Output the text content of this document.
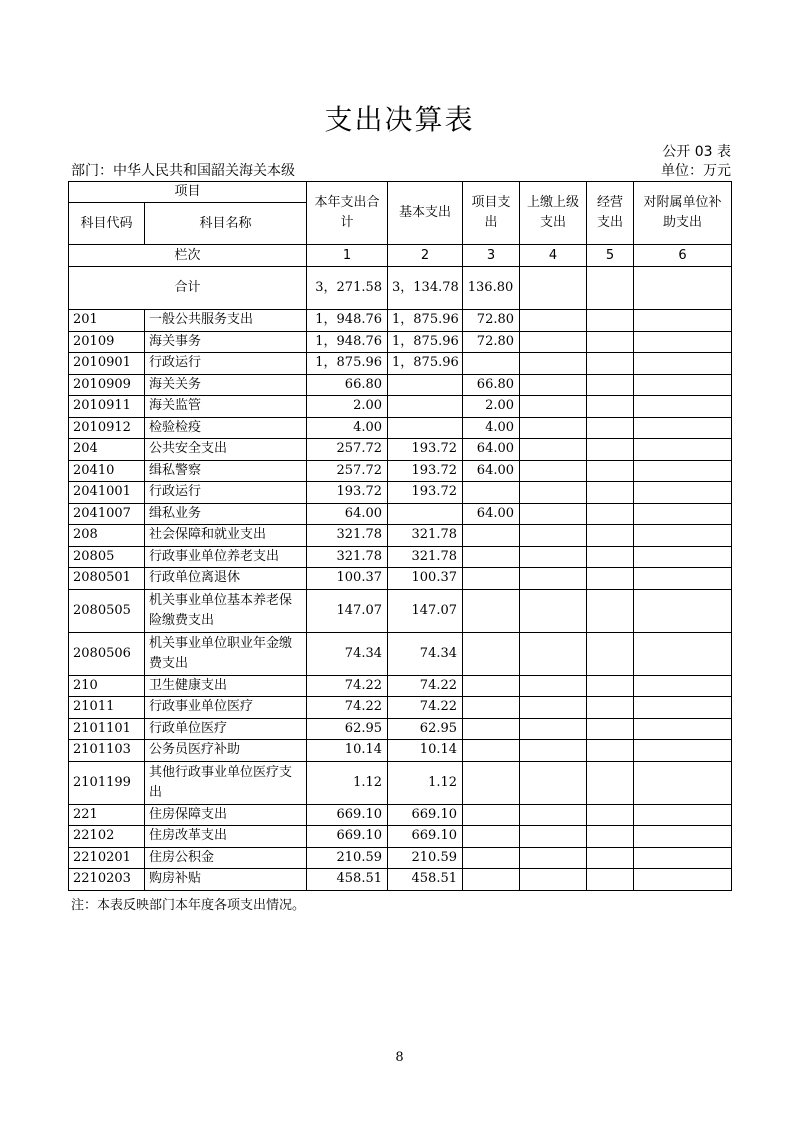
支出决算表
公开 03 表
部门：中华人民共和国韶关海关本级	单位：万元
项目		本年支出合计	基本支出	项目支出	上缴上级支出	经营支出	对附属单位补助支出

科目代码	科目名称						
栏次		1	2	3	4	5	6
合计		3，271.58	3，134.78	136.80			
201	一般公共服务支出	1，948.76	1，875.96	72.80			
20109	海关事务	1，948.76	1，875.96	72.80			
2010901	行政运行	1，875.96	1，875.96				
2010909	海关关务	66.80		66.80			
2010911	海关监管	2.00		2.00			
2010912	检验检疫	4.00		4.00			
204	公共安全支出	257.72	193.72	64.00			
20410	缉私警察	257.72	193.72	64.00			
2041001	行政运行	193.72	193.72				
2041007	缉私业务	64.00		64.00			
208	社会保障和就业支出	321.78	321.78				
20805	行政事业单位养老支出	321.78	321.78				
2080501	行政单位离退休	100.37	100.37				
2080505	机关事业单位基本养老保险缴费支出	147.07	147.07				
2080506	机关事业单位职业年金缴费支出	74.34	74.34				
210	卫生健康支出	74.22	74.22				
21011	行政事业单位医疗	74.22	74.22				
2101101	行政单位医疗	62.95	62.95				
2101103	公务员医疗补助	10.14	10.14				
2101199	其他行政事业单位医疗支出	1.12	1.12				
221	住房保障支出	669.10	669.10				
22102	住房改革支出	669.10	669.10				
2210201	住房公积金	210.59	210.59				
2210203	购房补贴	458.51	458.51				
注：本表反映部门本年度各项支出情况。
8
